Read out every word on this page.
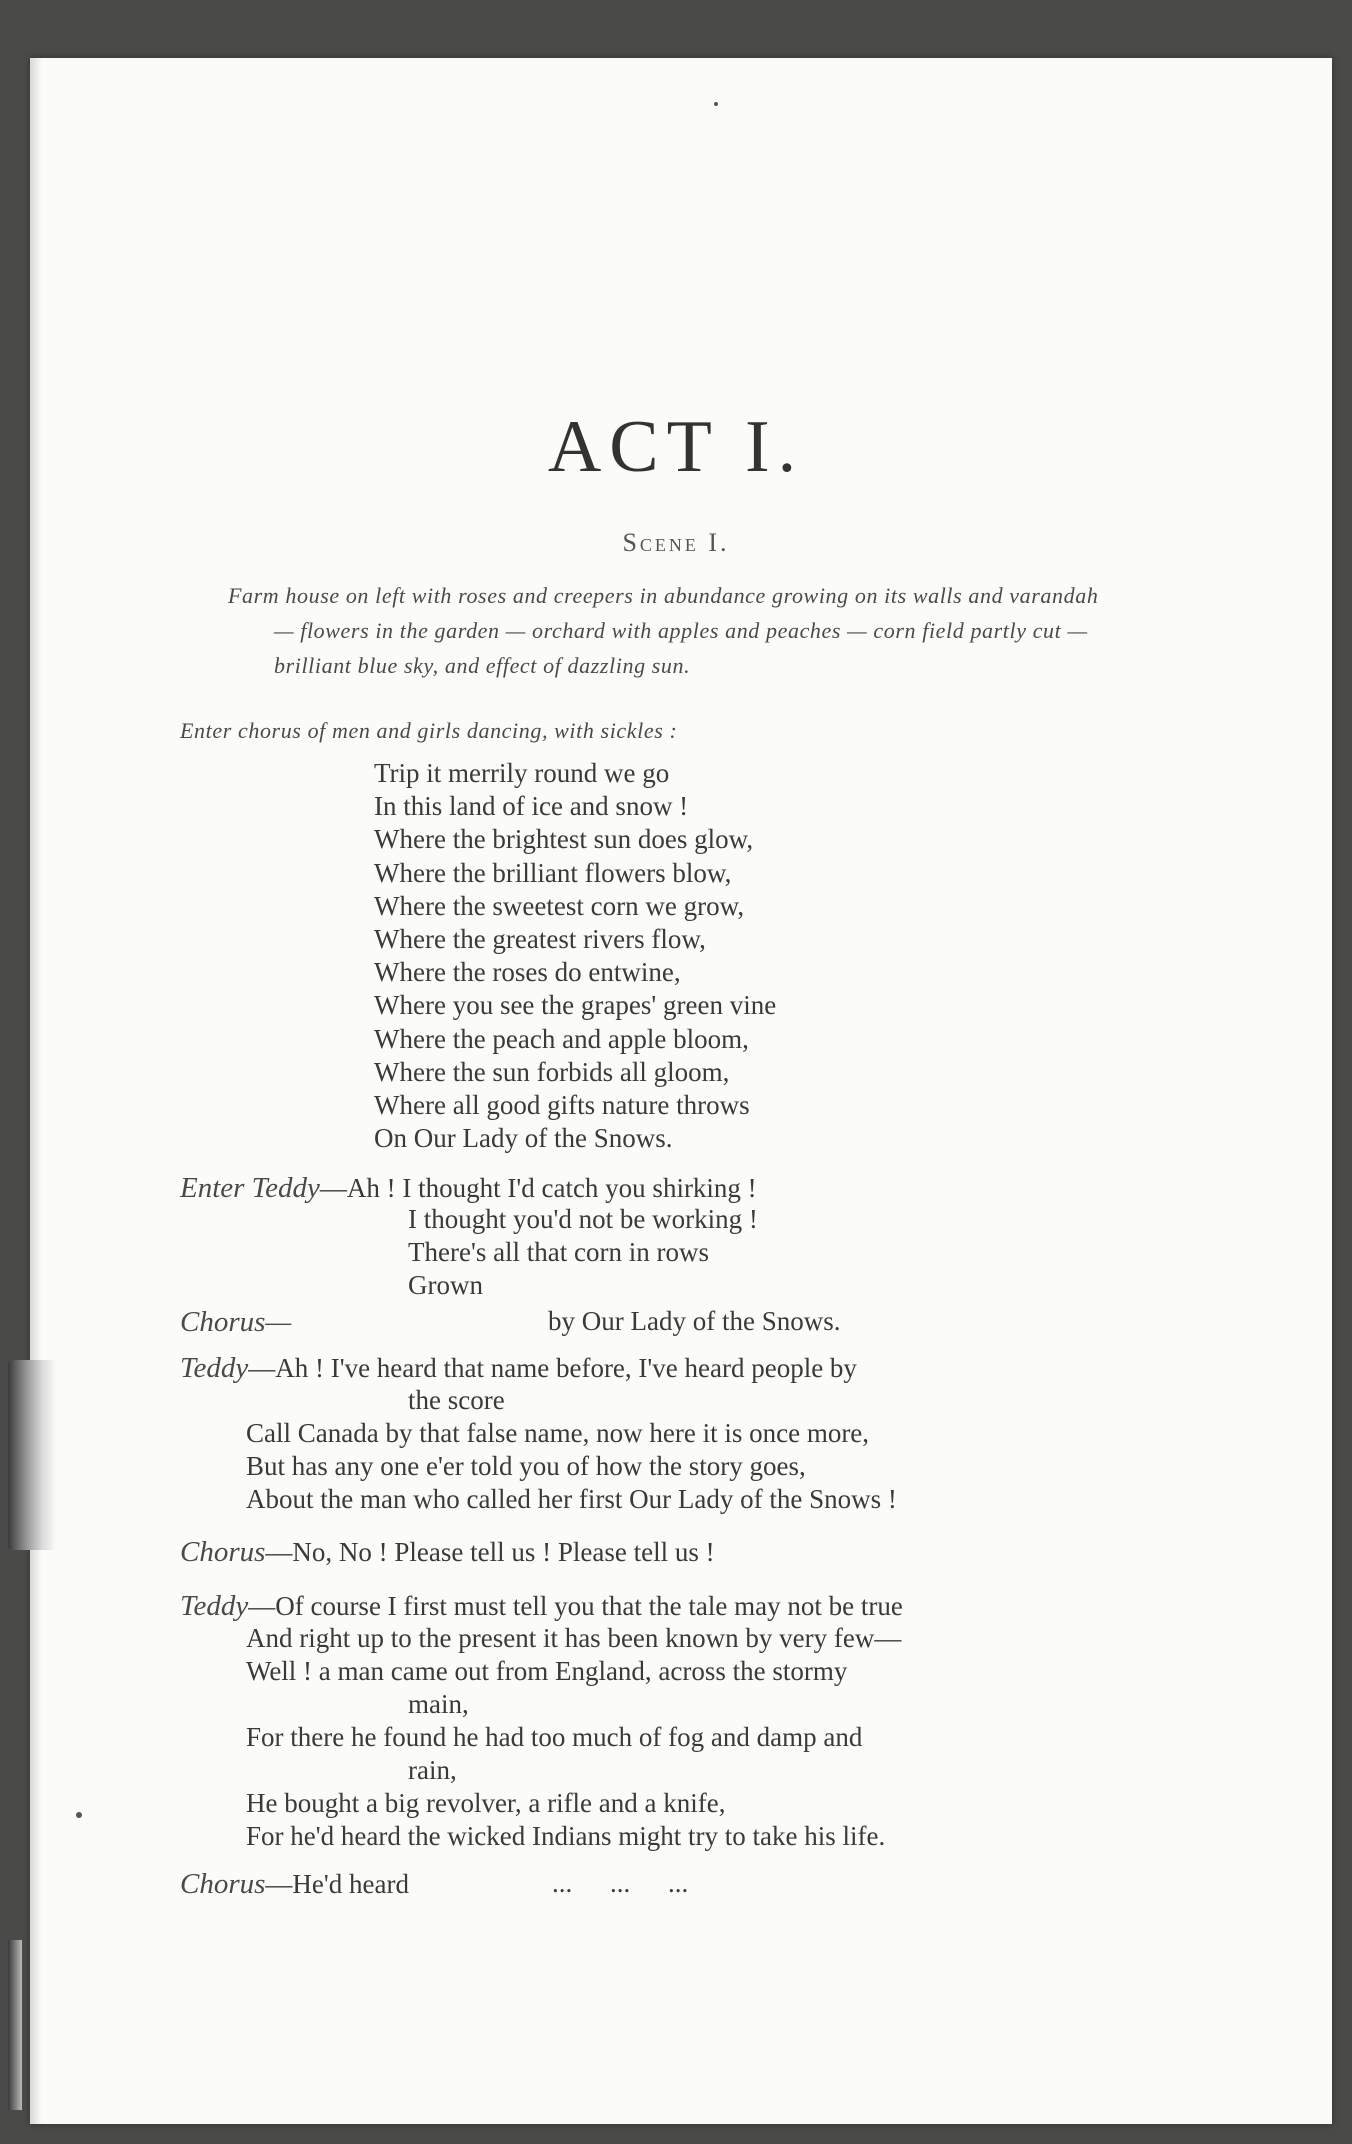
ACT I.
Scene I.

Farm house on left with roses and creepers in abundance growing on its walls and varandah — flowers in the garden — orchard with apples and peaches — corn field partly cut — brilliant blue sky, and effect of dazzling sun.

Enter chorus of men and girls dancing, with sickles :
Trip it merrily round we go
In this land of ice and snow !
Where the brightest sun does glow,
Where the brilliant flowers blow,
Where the sweetest corn we grow,
Where the greatest rivers flow,
Where the roses do entwine,
Where you see the grapes' green vine
Where the peach and apple bloom,
Where the sun forbids all gloom,
Where all good gifts nature throws
On Our Lady of the Snows.
Enter Teddy—Ah ! I thought I'd catch you shirking !
I thought you'd not be working !
There's all that corn in rows
Grown
Chorus—	by Our Lady of the Snows.
Teddy—Ah ! I've heard that name before, I've heard people by
the score
Call Canada by that false name, now here it is once more,
But has any one e'er told you of how the story goes,
About the man who called her first Our Lady of the Snows !
Chorus—No, No ! Please tell us ! Please tell us !
Teddy—Of course I first must tell you that the tale may not be true
And right up to the present it has been known by very few—
Well ! a man came out from England, across the stormy
main,
For there he found he had too much of fog and damp and
rain,
He bought a big revolver, a rifle and a knife,
For he'd heard the wicked Indians might try to take his life.
Chorus—He'd heard	... ... ...
